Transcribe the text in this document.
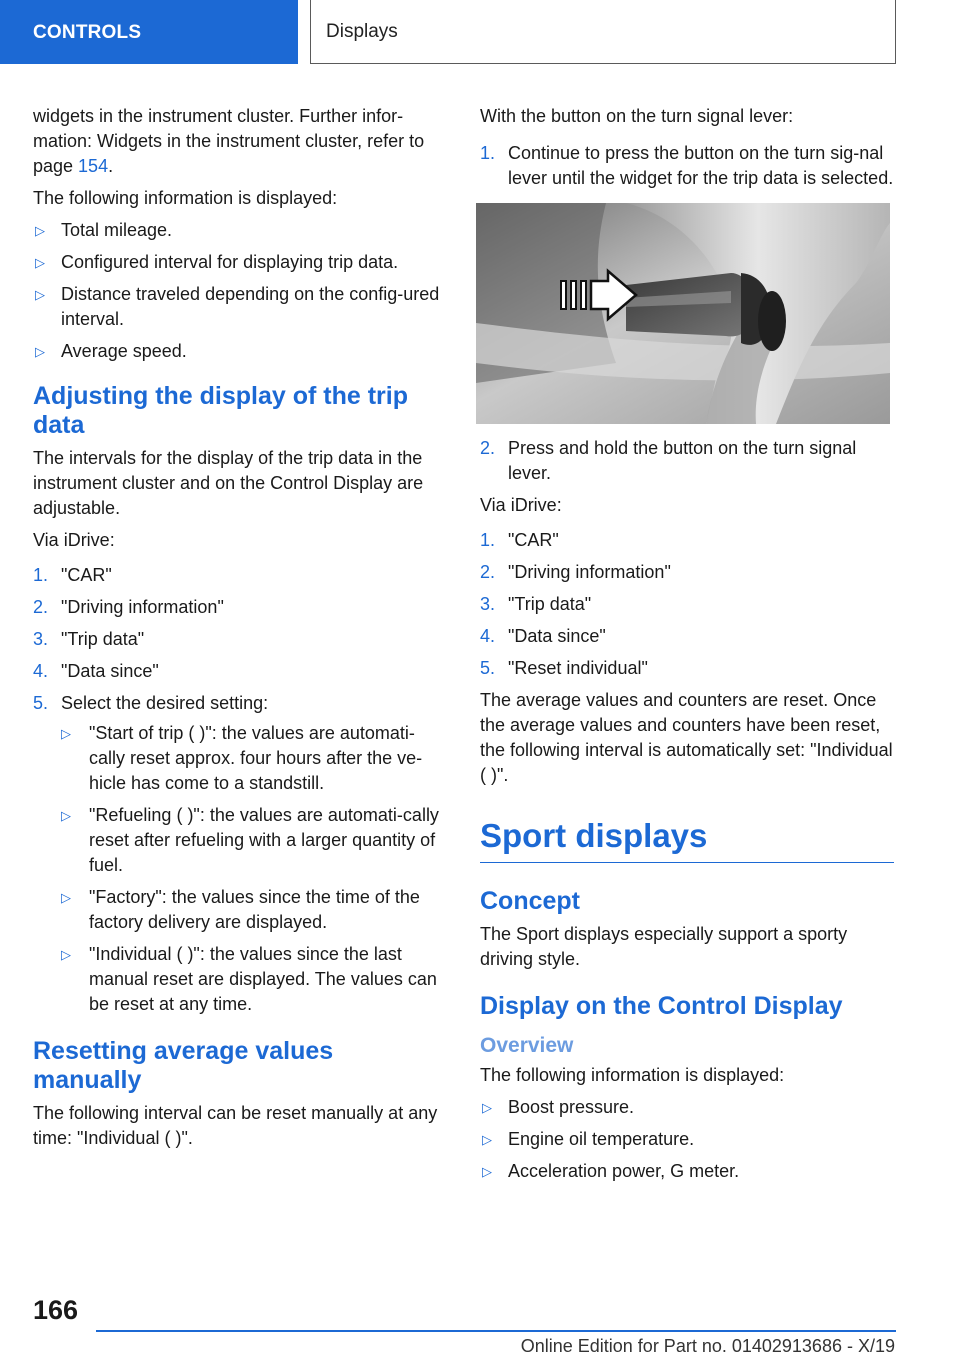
CONTROLS	Displays

widgets in the instrument cluster. Further infor-mation: Widgets in the instrument cluster, refer to page 154.

The following information is displayed:

▷ Total mileage.
▷ Configured interval for displaying trip data.
▷ Distance traveled depending on the config-ured interval.
▷ Average speed.
Adjusting the display of the trip data

The intervals for the display of the trip data in the instrument cluster and on the Control Display are adjustable.

Via iDrive:

1. "CAR"
2. "Driving information"
3. "Trip data"
4. "Data since"
5. Select the desired setting:
▷ "Start of trip ( )": the values are automati-cally reset approx. four hours after the ve-hicle has come to a standstill.
▷ "Refueling ( )": the values are automati-cally reset after refueling with a larger quantity of fuel.
▷ "Factory": the values since the time of the factory delivery are displayed.
▷ "Individual ( )": the values since the last manual reset are displayed. The values can be reset at any time.
Resetting average values manually

The following interval can be reset manually at any time: "Individual ( )".

With the button on the turn signal lever:

1. Continue to press the button on the turn sig-nal lever until the widget for the trip data is selected.
2. Press and hold the button on the turn signal lever.

Via iDrive:

1. "CAR"
2. "Driving information"
3. "Trip data"
4. "Data since"
5. "Reset individual"

The average values and counters are reset. Once the average values and counters have been reset, the following interval is automatically set: "Individual ( )".

Sport displays
Concept

The Sport displays especially support a sporty driving style.

Display on the Control Display
Overview

The following information is displayed:

▷ Boost pressure.
▷ Engine oil temperature.
▷ Acceleration power, G meter.
166
Online Edition for Part no. 01402913686 - X/19
